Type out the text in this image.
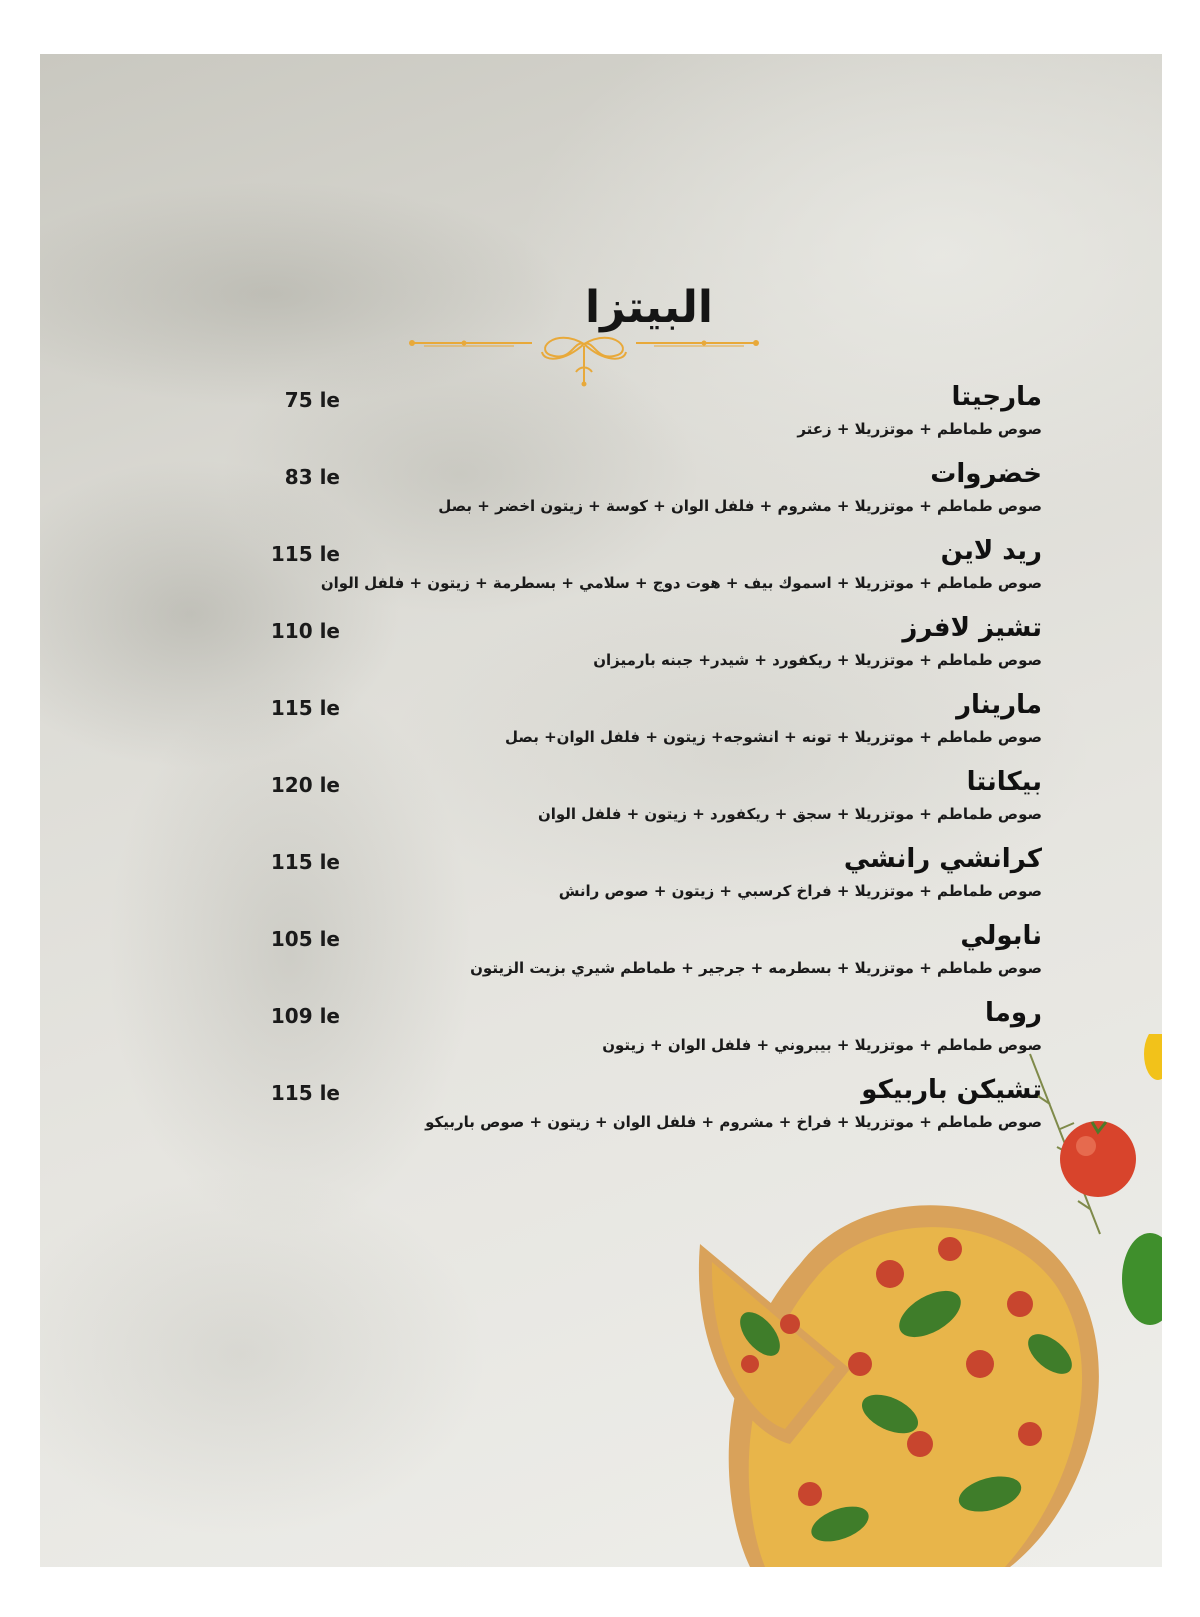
البيتزا
مارجيتا
صوص طماطم + موتزريلا + زعتر
75 le
خضروات
صوص طماطم + موتزريلا + مشروم + فلفل الوان + كوسة + زيتون اخضر + بصل
83 le
ريد لاين
صوص طماطم + موتزريلا + اسموك بيف + هوت دوج + سلامي + بسطرمة + زيتون + فلفل الوان
115 le
تشيز لافرز
صوص طماطم + موتزريلا + ريكفورد + شيدر+ جبنه بارميزان
110 le
مارينار
صوص طماطم + موتزريلا + تونه + انشوجه+ زيتون + فلفل الوان+ بصل
115 le
بيكانتا
صوص طماطم + موتزريلا + سجق + ريكفورد + زيتون + فلفل الوان
120 le
كرانشي رانشي
صوص طماطم + موتزريلا + فراخ كرسبي + زيتون + صوص رانش
115 le
نابولي
صوص طماطم + موتزريلا + بسطرمه + جرجير + طماطم شيري بزيت الزيتون
105 le
روما
صوص طماطم + موتزريلا + بيبروني + فلفل الوان + زيتون
109 le
تشيكن باربيكو
صوص طماطم + موتزريلا + فراخ + مشروم + فلفل الوان + زيتون + صوص باربيكو
115 le
